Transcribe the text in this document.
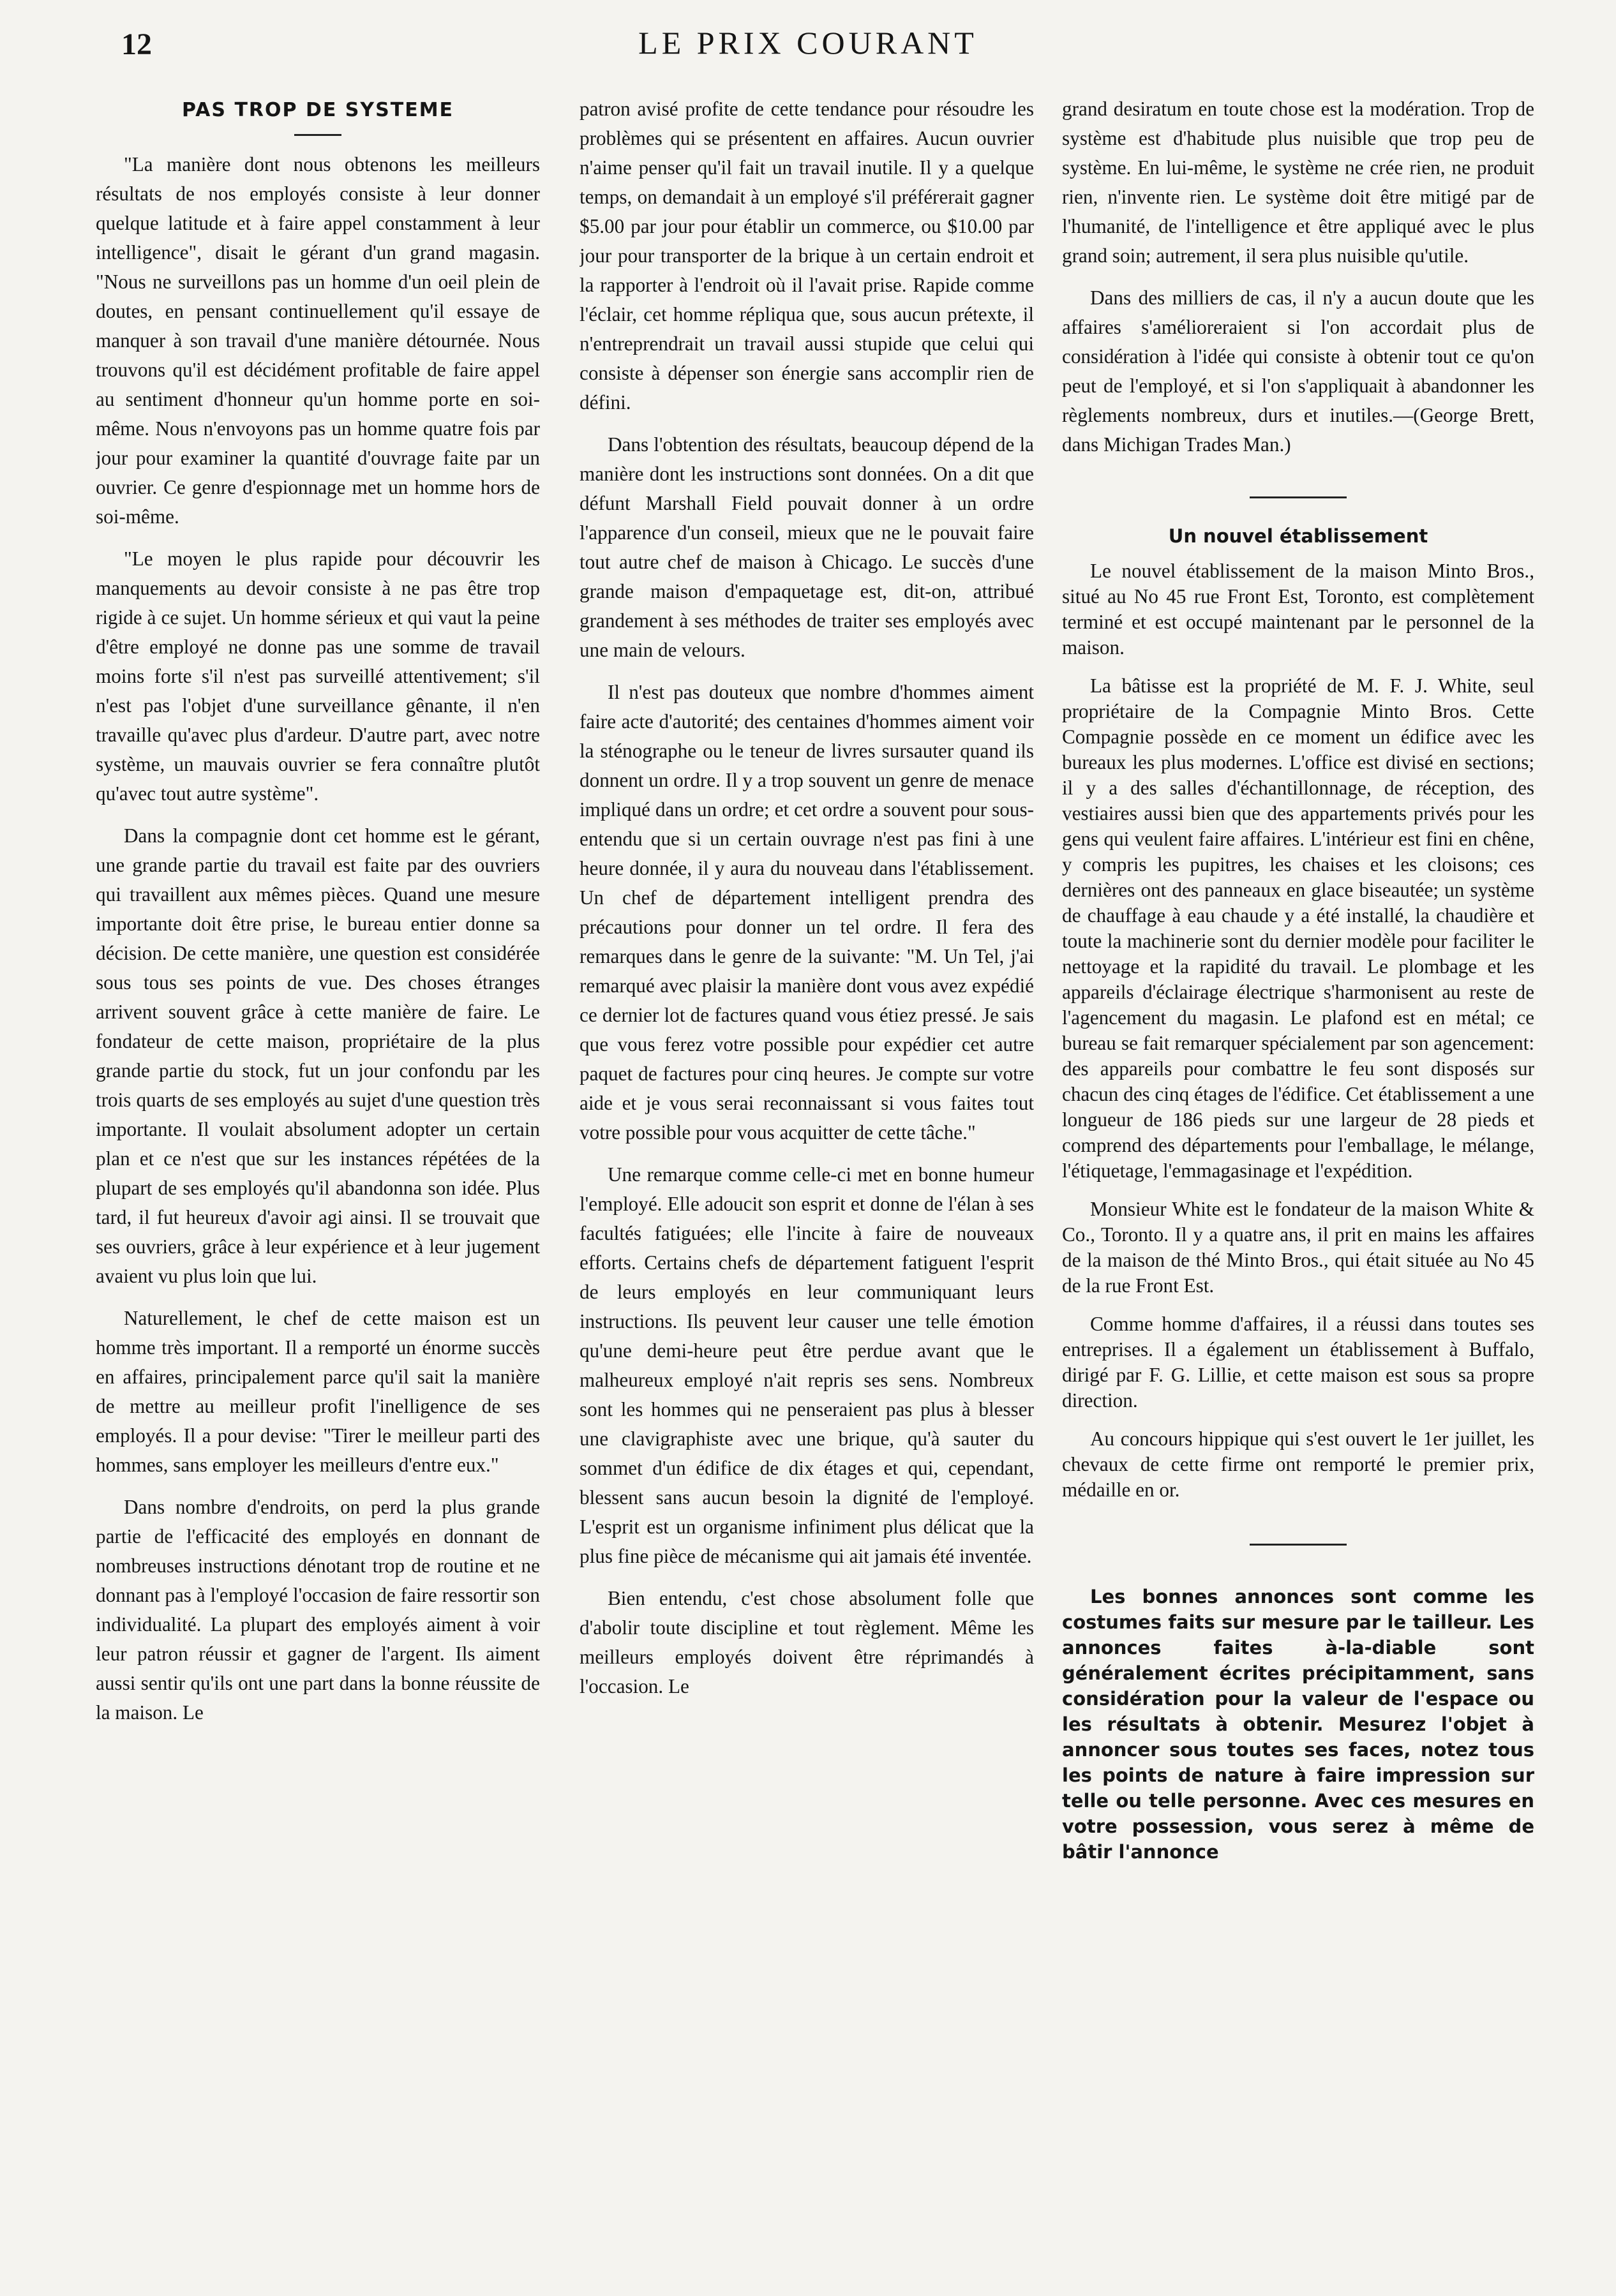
12	LE PRIX COURANT
PAS TROP DE SYSTEME

"La manière dont nous obtenons les meilleurs résultats de nos employés consiste à leur donner quelque latitude et à faire appel constamment à leur intelligence", disait le gérant d'un grand magasin. "Nous ne surveillons pas un homme d'un oeil plein de doutes, en pensant continuellement qu'il essaye de manquer à son travail d'une manière détournée. Nous trouvons qu'il est décidément profitable de faire appel au sentiment d'honneur qu'un homme porte en soi-même. Nous n'envoyons pas un homme quatre fois par jour pour examiner la quantité d'ouvrage faite par un ouvrier. Ce genre d'espionnage met un homme hors de soi-même.

"Le moyen le plus rapide pour découvrir les manquements au devoir consiste à ne pas être trop rigide à ce sujet. Un homme sérieux et qui vaut la peine d'être employé ne donne pas une somme de travail moins forte s'il n'est pas surveillé attentivement; s'il n'est pas l'objet d'une surveillance gênante, il n'en travaille qu'avec plus d'ardeur. D'autre part, avec notre système, un mauvais ouvrier se fera connaître plutôt qu'avec tout autre système".

Dans la compagnie dont cet homme est le gérant, une grande partie du travail est faite par des ouvriers qui travaillent aux mêmes pièces. Quand une mesure importante doit être prise, le bureau entier donne sa décision. De cette manière, une question est considérée sous tous ses points de vue. Des choses étranges arrivent souvent grâce à cette manière de faire. Le fondateur de cette maison, propriétaire de la plus grande partie du stock, fut un jour confondu par les trois quarts de ses employés au sujet d'une question très importante. Il voulait absolument adopter un certain plan et ce n'est que sur les instances répétées de la plupart de ses employés qu'il abandonna son idée. Plus tard, il fut heureux d'avoir agi ainsi. Il se trouvait que ses ouvriers, grâce à leur expérience et à leur jugement avaient vu plus loin que lui.

Naturellement, le chef de cette maison est un homme très important. Il a remporté un énorme succès en affaires, principalement parce qu'il sait la manière de mettre au meilleur profit l'inelligence de ses employés. Il a pour devise: "Tirer le meilleur parti des hommes, sans employer les meilleurs d'entre eux."

Dans nombre d'endroits, on perd la plus grande partie de l'efficacité des employés en donnant de nombreuses instructions dénotant trop de routine et ne donnant pas à l'employé l'occasion de faire ressortir son individualité. La plupart des employés aiment à voir leur patron réussir et gagner de l'argent. Ils aiment aussi sentir qu'ils ont une part dans la bonne réussite de la maison. Le

patron avisé profite de cette tendance pour résoudre les problèmes qui se présentent en affaires. Aucun ouvrier n'aime penser qu'il fait un travail inutile. Il y a quelque temps, on demandait à un employé s'il préférerait gagner $5.00 par jour pour établir un commerce, ou $10.00 par jour pour transporter de la brique à un certain endroit et la rapporter à l'endroit où il l'avait prise. Rapide comme l'éclair, cet homme répliqua que, sous aucun prétexte, il n'entreprendrait un travail aussi stupide que celui qui consiste à dépenser son énergie sans accomplir rien de défini.

Dans l'obtention des résultats, beaucoup dépend de la manière dont les instructions sont données. On a dit que défunt Marshall Field pouvait donner à un ordre l'apparence d'un conseil, mieux que ne le pouvait faire tout autre chef de maison à Chicago. Le succès d'une grande maison d'empaquetage est, dit-on, attribué grandement à ses méthodes de traiter ses employés avec une main de velours.

Il n'est pas douteux que nombre d'hommes aiment faire acte d'autorité; des centaines d'hommes aiment voir la sténographe ou le teneur de livres sursauter quand ils donnent un ordre. Il y a trop souvent un genre de menace impliqué dans un ordre; et cet ordre a souvent pour sous-entendu que si un certain ouvrage n'est pas fini à une heure donnée, il y aura du nouveau dans l'établissement. Un chef de département intelligent prendra des précautions pour donner un tel ordre. Il fera des remarques dans le genre de la suivante: "M. Un Tel, j'ai remarqué avec plaisir la manière dont vous avez expédié ce dernier lot de factures quand vous étiez pressé. Je sais que vous ferez votre possible pour expédier cet autre paquet de factures pour cinq heures. Je compte sur votre aide et je vous serai reconnaissant si vous faites tout votre possible pour vous acquitter de cette tâche."

Une remarque comme celle-ci met en bonne humeur l'employé. Elle adoucit son esprit et donne de l'élan à ses facultés fatiguées; elle l'incite à faire de nouveaux efforts. Certains chefs de département fatiguent l'esprit de leurs employés en leur communiquant leurs instructions. Ils peuvent leur causer une telle émotion qu'une demi-heure peut être perdue avant que le malheureux employé n'ait repris ses sens. Nombreux sont les hommes qui ne penseraient pas plus à blesser une clavigraphiste avec une brique, qu'à sauter du sommet d'un édifice de dix étages et qui, cependant, blessent sans aucun besoin la dignité de l'employé. L'esprit est un organisme infiniment plus délicat que la plus fine pièce de mécanisme qui ait jamais été inventée.

Bien entendu, c'est chose absolument folle que d'abolir toute discipline et tout règlement. Même les meilleurs employés doivent être réprimandés à l'occasion. Le

grand desiratum en toute chose est la modération. Trop de système est d'habitude plus nuisible que trop peu de système. En lui-même, le système ne crée rien, ne produit rien, n'invente rien. Le système doit être mitigé par de l'humanité, de l'intelligence et être appliqué avec le plus grand soin; autrement, il sera plus nuisible qu'utile.

Dans des milliers de cas, il n'y a aucun doute que les affaires s'amélioreraient si l'on accordait plus de considération à l'idée qui consiste à obtenir tout ce qu'on peut de l'employé, et si l'on s'appliquait à abandonner les règlements nombreux, durs et inutiles.—(George Brett, dans Michigan Trades Man.)

Un nouvel établissement

Le nouvel établissement de la maison Minto Bros., situé au No 45 rue Front Est, Toronto, est complètement terminé et est occupé maintenant par le personnel de la maison.

La bâtisse est la propriété de M. F. J. White, seul propriétaire de la Compagnie Minto Bros. Cette Compagnie possède en ce moment un édifice avec les bureaux les plus modernes. L'office est divisé en sections; il y a des salles d'échantillonnage, de réception, des vestiaires aussi bien que des appartements privés pour les gens qui veulent faire affaires. L'intérieur est fini en chêne, y compris les pupitres, les chaises et les cloisons; ces dernières ont des panneaux en glace biseautée; un système de chauffage à eau chaude y a été installé, la chaudière et toute la machinerie sont du dernier modèle pour faciliter le nettoyage et la rapidité du travail. Le plombage et les appareils d'éclairage électrique s'harmonisent au reste de l'agencement du magasin. Le plafond est en métal; ce bureau se fait remarquer spécialement par son agencement: des appareils pour combattre le feu sont disposés sur chacun des cinq étages de l'édifice. Cet établissement a une longueur de 186 pieds sur une largeur de 28 pieds et comprend des départements pour l'emballage, le mélange, l'étiquetage, l'emmagasinage et l'expédition.

Monsieur White est le fondateur de la maison White & Co., Toronto. Il y a quatre ans, il prit en mains les affaires de la maison de thé Minto Bros., qui était située au No 45 de la rue Front Est.

Comme homme d'affaires, il a réussi dans toutes ses entreprises. Il a également un établissement à Buffalo, dirigé par F. G. Lillie, et cette maison est sous sa propre direction.

Au concours hippique qui s'est ouvert le 1er juillet, les chevaux de cette firme ont remporté le premier prix, médaille en or.

Les bonnes annonces sont comme les costumes faits sur mesure par le tailleur. Les annonces faites à-la-diable sont généralement écrites précipitamment, sans considération pour la valeur de l'espace ou les résultats à obtenir. Mesurez l'objet à annoncer sous toutes ses faces, notez tous les points de nature à faire impression sur telle ou telle personne. Avec ces mesures en votre possession, vous serez à même de bâtir l'annonce
